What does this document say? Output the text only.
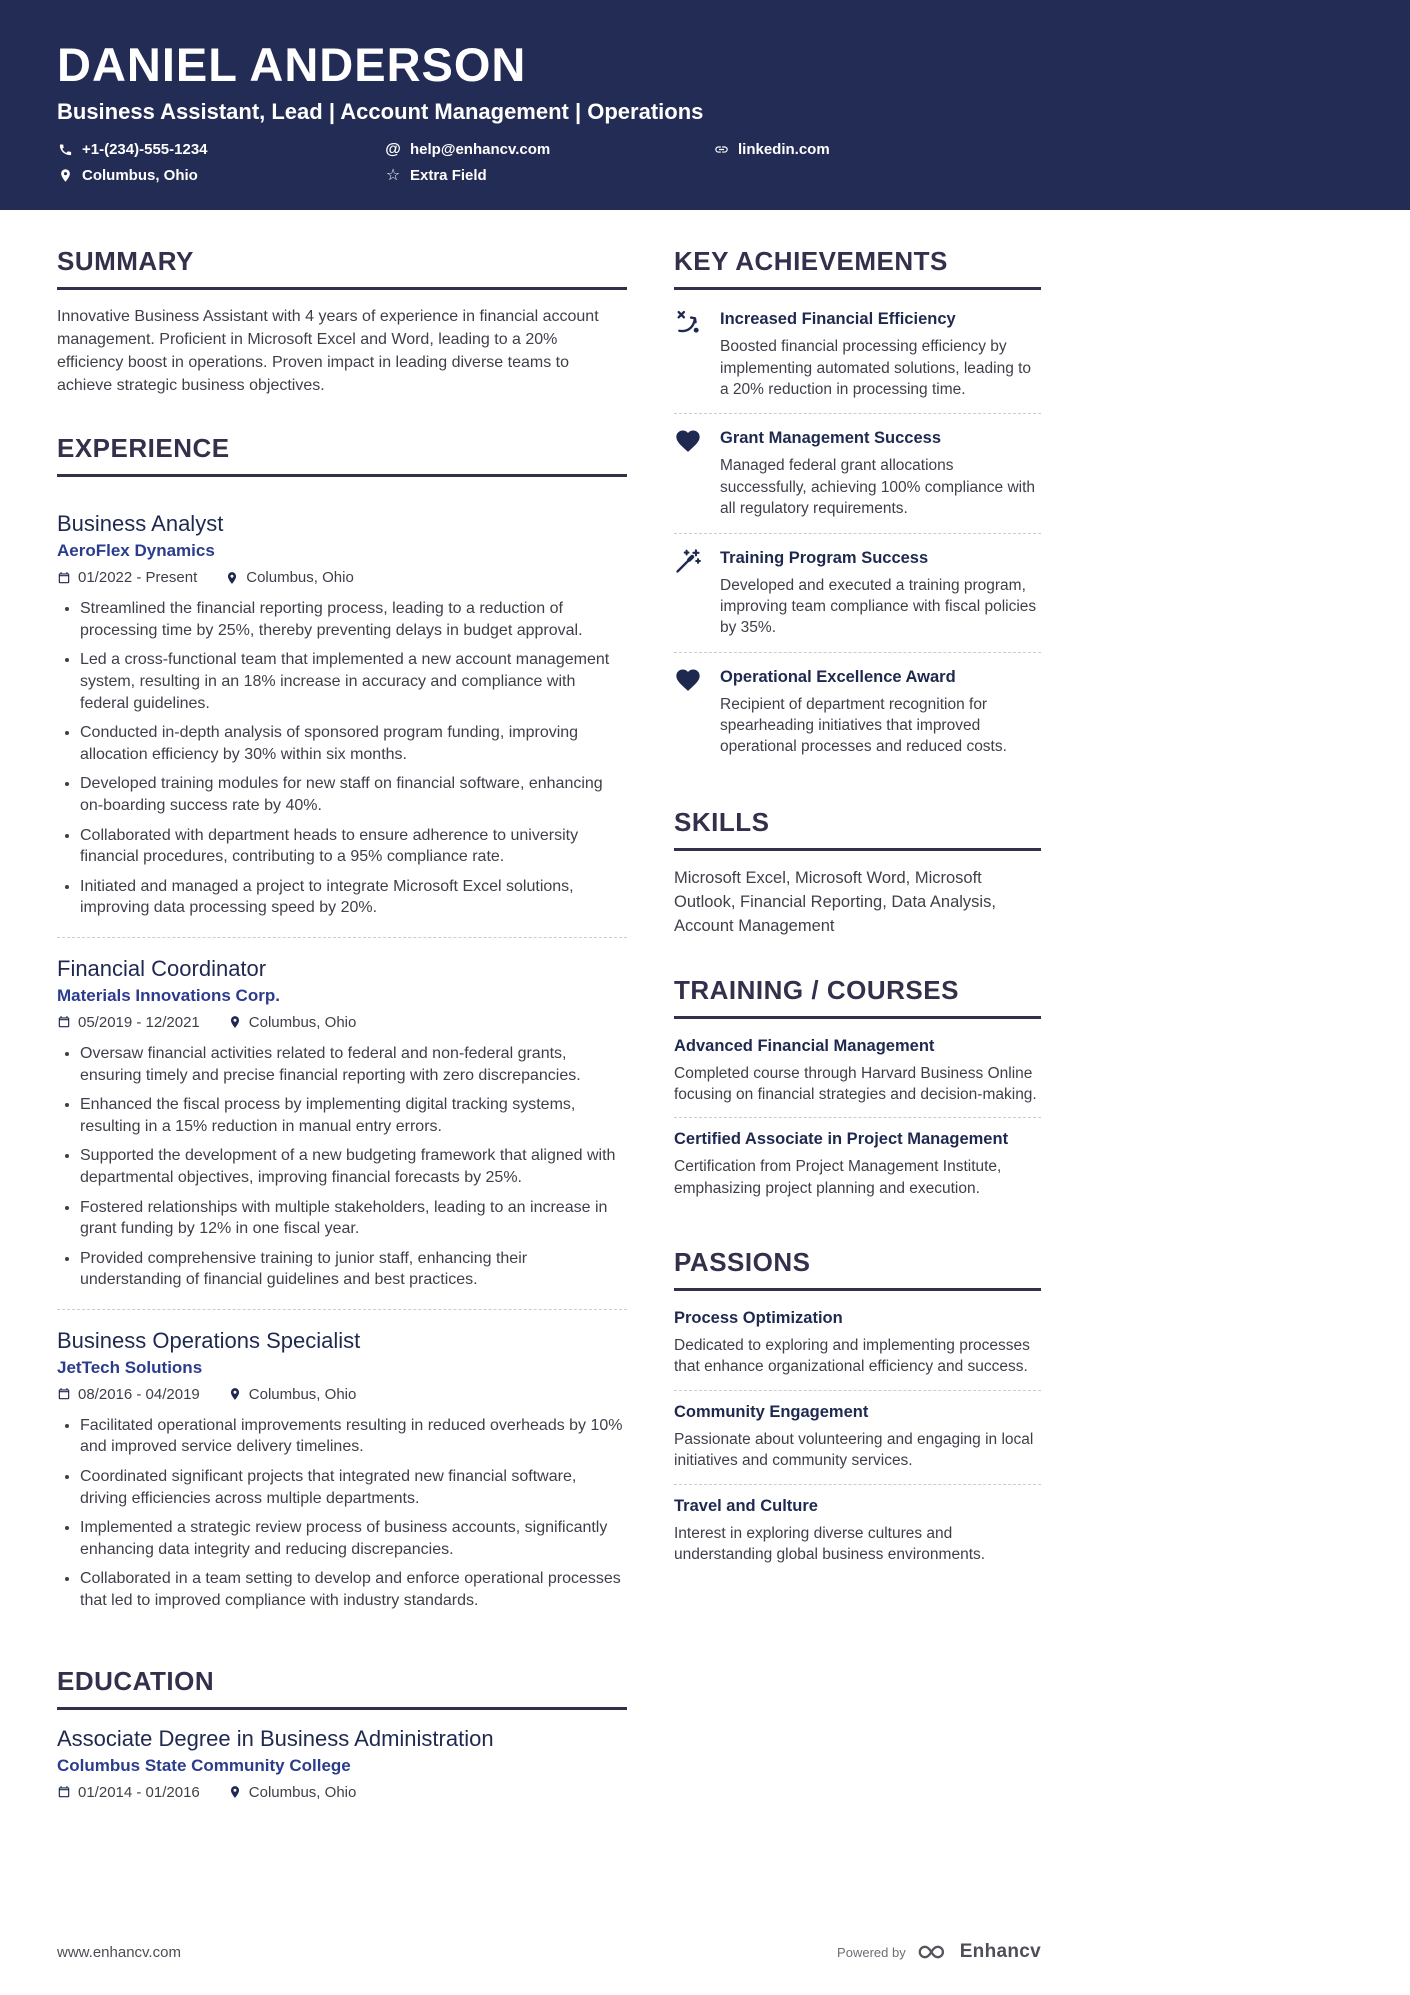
DANIEL ANDERSON
Business Assistant, Lead | Account Management | Operations
+1-(234)-555-1234	@ help@enhancv.com	linkedin.com
Columbus, Ohio	☆ Extra Field
SUMMARY

Innovative Business Assistant with 4 years of experience in financial account management. Proficient in Microsoft Excel and Word, leading to a 20% efficiency boost in operations. Proven impact in leading diverse teams to achieve strategic business objectives.

EXPERIENCE
Business Analyst
AeroFlex Dynamics
01/2022 - Present	Columbus, Ohio
• Streamlined the financial reporting process, leading to a reduction of processing time by 25%, thereby preventing delays in budget approval.
• Led a cross-functional team that implemented a new account management system, resulting in an 18% increase in accuracy and compliance with federal guidelines.
• Conducted in-depth analysis of sponsored program funding, improving allocation efficiency by 30% within six months.
• Developed training modules for new staff on financial software, enhancing on-boarding success rate by 40%.
• Collaborated with department heads to ensure adherence to university financial procedures, contributing to a 95% compliance rate.
• Initiated and managed a project to integrate Microsoft Excel solutions, improving data processing speed by 20%.
Financial Coordinator
Materials Innovations Corp.
05/2019 - 12/2021	Columbus, Ohio
• Oversaw financial activities related to federal and non-federal grants, ensuring timely and precise financial reporting with zero discrepancies.
• Enhanced the fiscal process by implementing digital tracking systems, resulting in a 15% reduction in manual entry errors.
• Supported the development of a new budgeting framework that aligned with departmental objectives, improving financial forecasts by 25%.
• Fostered relationships with multiple stakeholders, leading to an increase in grant funding by 12% in one fiscal year.
• Provided comprehensive training to junior staff, enhancing their understanding of financial guidelines and best practices.
Business Operations Specialist
JetTech Solutions
08/2016 - 04/2019	Columbus, Ohio
• Facilitated operational improvements resulting in reduced overheads by 10% and improved service delivery timelines.
• Coordinated significant projects that integrated new financial software, driving efficiencies across multiple departments.
• Implemented a strategic review process of business accounts, significantly enhancing data integrity and reducing discrepancies.
• Collaborated in a team setting to develop and enforce operational processes that led to improved compliance with industry standards.
EDUCATION
Associate Degree in Business Administration
Columbus State Community College
01/2014 - 01/2016	Columbus, Ohio
KEY ACHIEVEMENTS
Increased Financial Efficiency

Boosted financial processing efficiency by implementing automated solutions, leading to a 20% reduction in processing time.

Grant Management Success

Managed federal grant allocations successfully, achieving 100% compliance with all regulatory requirements.

Training Program Success

Developed and executed a training program, improving team compliance with fiscal policies by 35%.

Operational Excellence Award

Recipient of department recognition for spearheading initiatives that improved operational processes and reduced costs.

SKILLS

Microsoft Excel, Microsoft Word, Microsoft Outlook, Financial Reporting, Data Analysis, Account Management

TRAINING / COURSES
Advanced Financial Management

Completed course through Harvard Business Online focusing on financial strategies and decision-making.

Certified Associate in Project Management

Certification from Project Management Institute, emphasizing project planning and execution.

PASSIONS
Process Optimization

Dedicated to exploring and implementing processes that enhance organizational efficiency and success.

Community Engagement

Passionate about volunteering and engaging in local initiatives and community services.

Travel and Culture

Interest in exploring diverse cultures and understanding global business environments.

www.enhancv.com	Powered by	Enhancv
